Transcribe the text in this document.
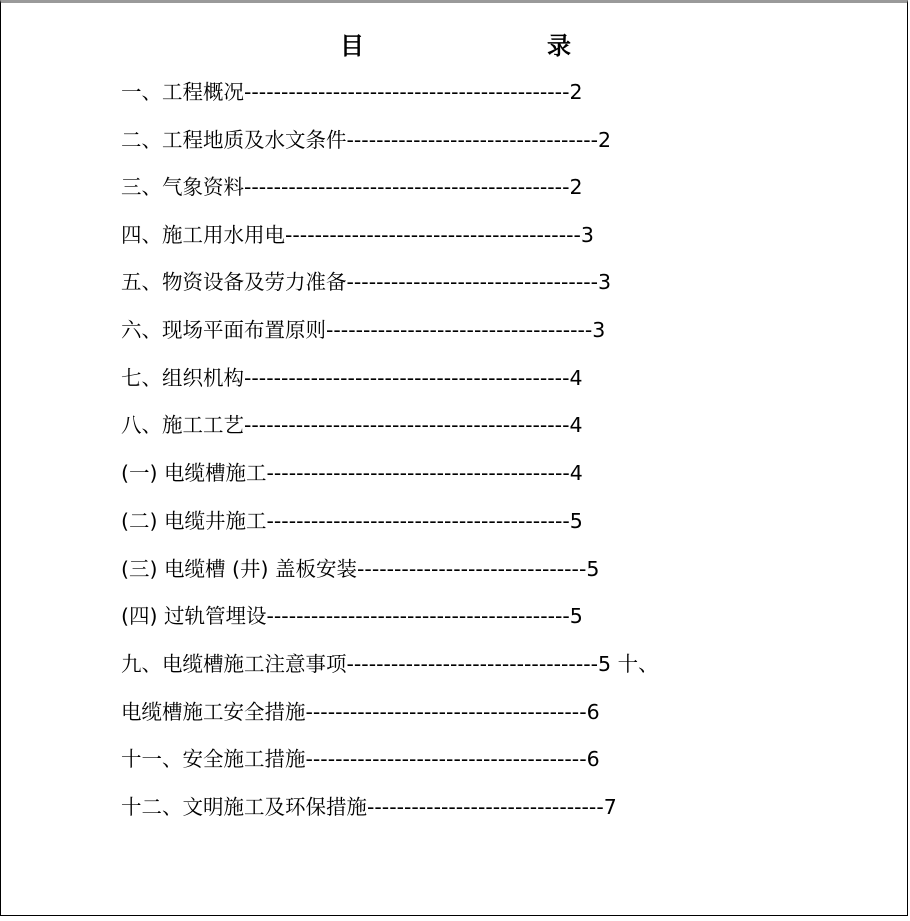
目	录
一、工程概况--------------------------------------------2
二、工程地质及水文条件----------------------------------2
三、气象资料--------------------------------------------2
四、施工用水用电----------------------------------------3
五、物资设备及劳力准备----------------------------------3
六、现场平面布置原则------------------------------------3
七、组织机构--------------------------------------------4
八、施工工艺--------------------------------------------4
(一) 电缆槽施工-----------------------------------------4
(二) 电缆井施工-----------------------------------------5
(三) 电缆槽 (井) 盖板安装-------------------------------5
(四) 过轨管埋设-----------------------------------------5
九、电缆槽施工注意事项----------------------------------5 十、
电缆槽施工安全措施--------------------------------------6
十一、安全施工措施--------------------------------------6
十二、文明施工及环保措施--------------------------------7
